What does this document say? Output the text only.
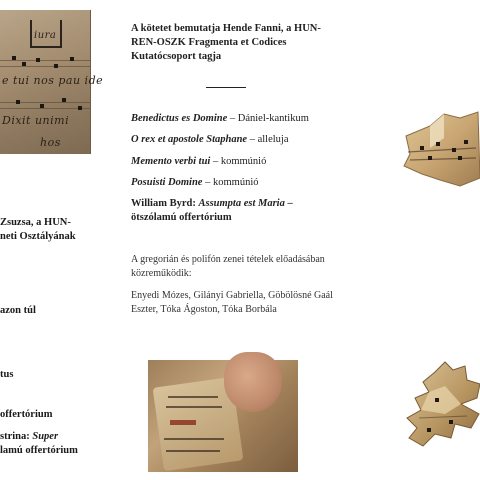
iura
e tui nos pau ide
Dixit unimi
hos
Zsuzsa, a HUN-
neti Osztályának
azon túl
tus
offertórium
strina: Super
lamú offertórium
A kötetet bemutatja Hende Fanni, a HUN-
REN-OSZK Fragmenta et Codices
Kutatócsoport tagja
Benedictus es Domine – Dániel-kantikum
O rex et apostole Staphane – alleluja
Memento verbi tui – kommúnió
Posuisti Domine – kommúnió
William Byrd: Assumpta est Maria –
ötszólamú offertórium
A gregorián és polifón zenei tételek előadásában
közreműködik:
Enyedi Mózes, Gilányi Gabriella, Göbölösné Gaál
Eszter, Tóka Ágoston, Tóka Borbála
